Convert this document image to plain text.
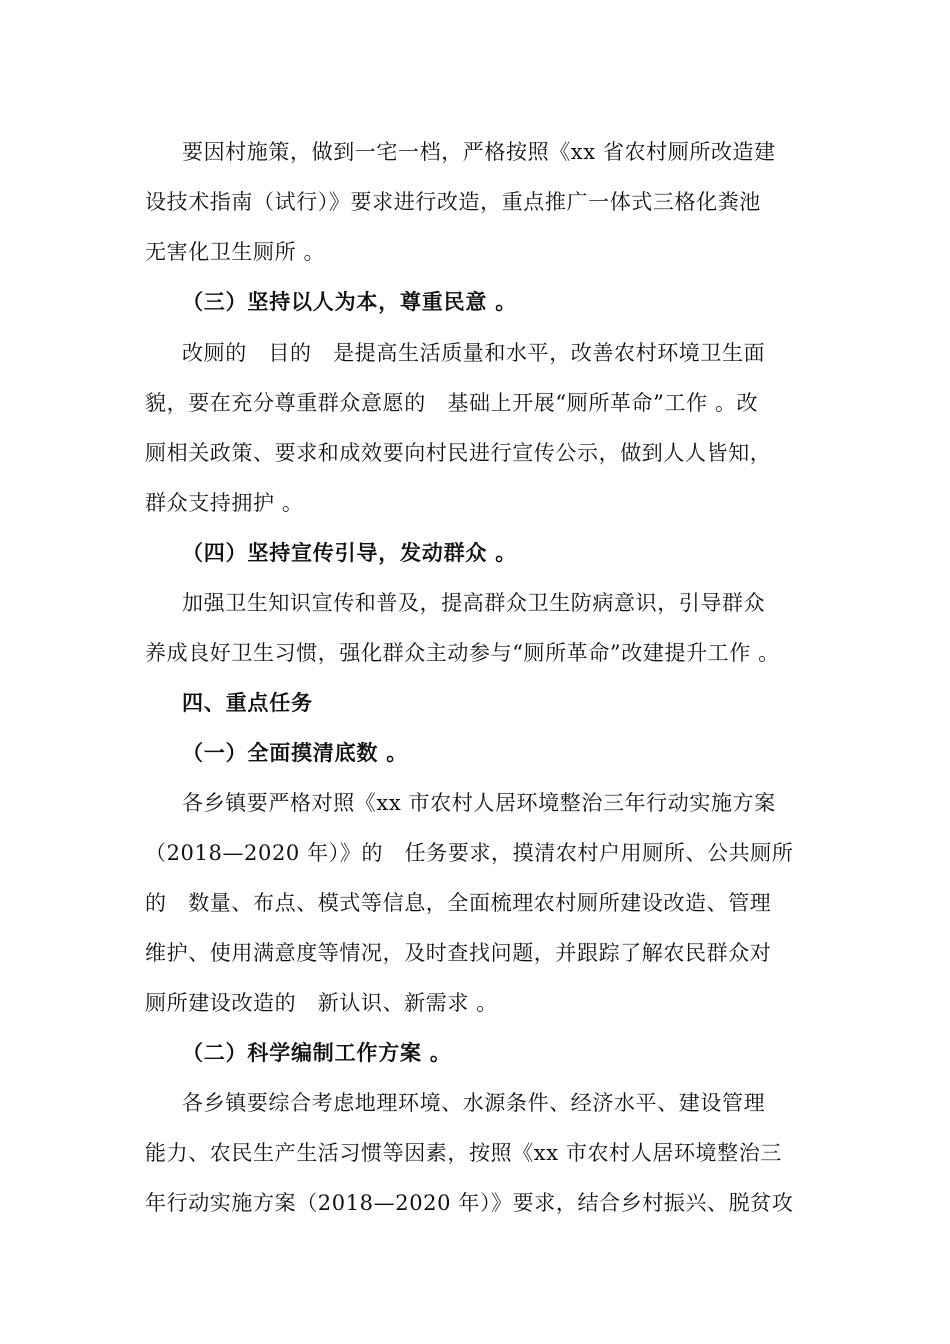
要因村施策，做到一宅一档，严格按照《xx 省农村厕所改造建
设技术指南（试行）》要求进行改造，重点推广一体式三格化粪池
无害化卫生厕所 。
（三）坚持以人为本，尊重民意 。
改厕的　目的　是提高生活质量和水平，改善农村环境卫生面
貌，要在充分尊重群众意愿的　基础上开展“厕所革命”工作 。改
厕相关政策、要求和成效要向村民进行宣传公示，做到人人皆知，
群众支持拥护 。
（四）坚持宣传引导，发动群众 。
加强卫生知识宣传和普及，提高群众卫生防病意识，引导群众
养成良好卫生习惯，强化群众主动参与“厕所革命”改建提升工作 。
四、重点任务
（一）全面摸清底数 。
各乡镇要严格对照《xx 市农村人居环境整治三年行动实施方案
（2018—2020 年）》的　任务要求，摸清农村户用厕所、公共厕所
的　数量、布点、模式等信息，全面梳理农村厕所建设改造、管理
维护、使用满意度等情况，及时查找问题，并跟踪了解农民群众对
厕所建设改造的　新认识、新需求 。
（二）科学编制工作方案 。
各乡镇要综合考虑地理环境、水源条件、经济水平、建设管理
能力、农民生产生活习惯等因素，按照《xx 市农村人居环境整治三
年行动实施方案（2018—2020 年）》要求，结合乡村振兴、脱贫攻
